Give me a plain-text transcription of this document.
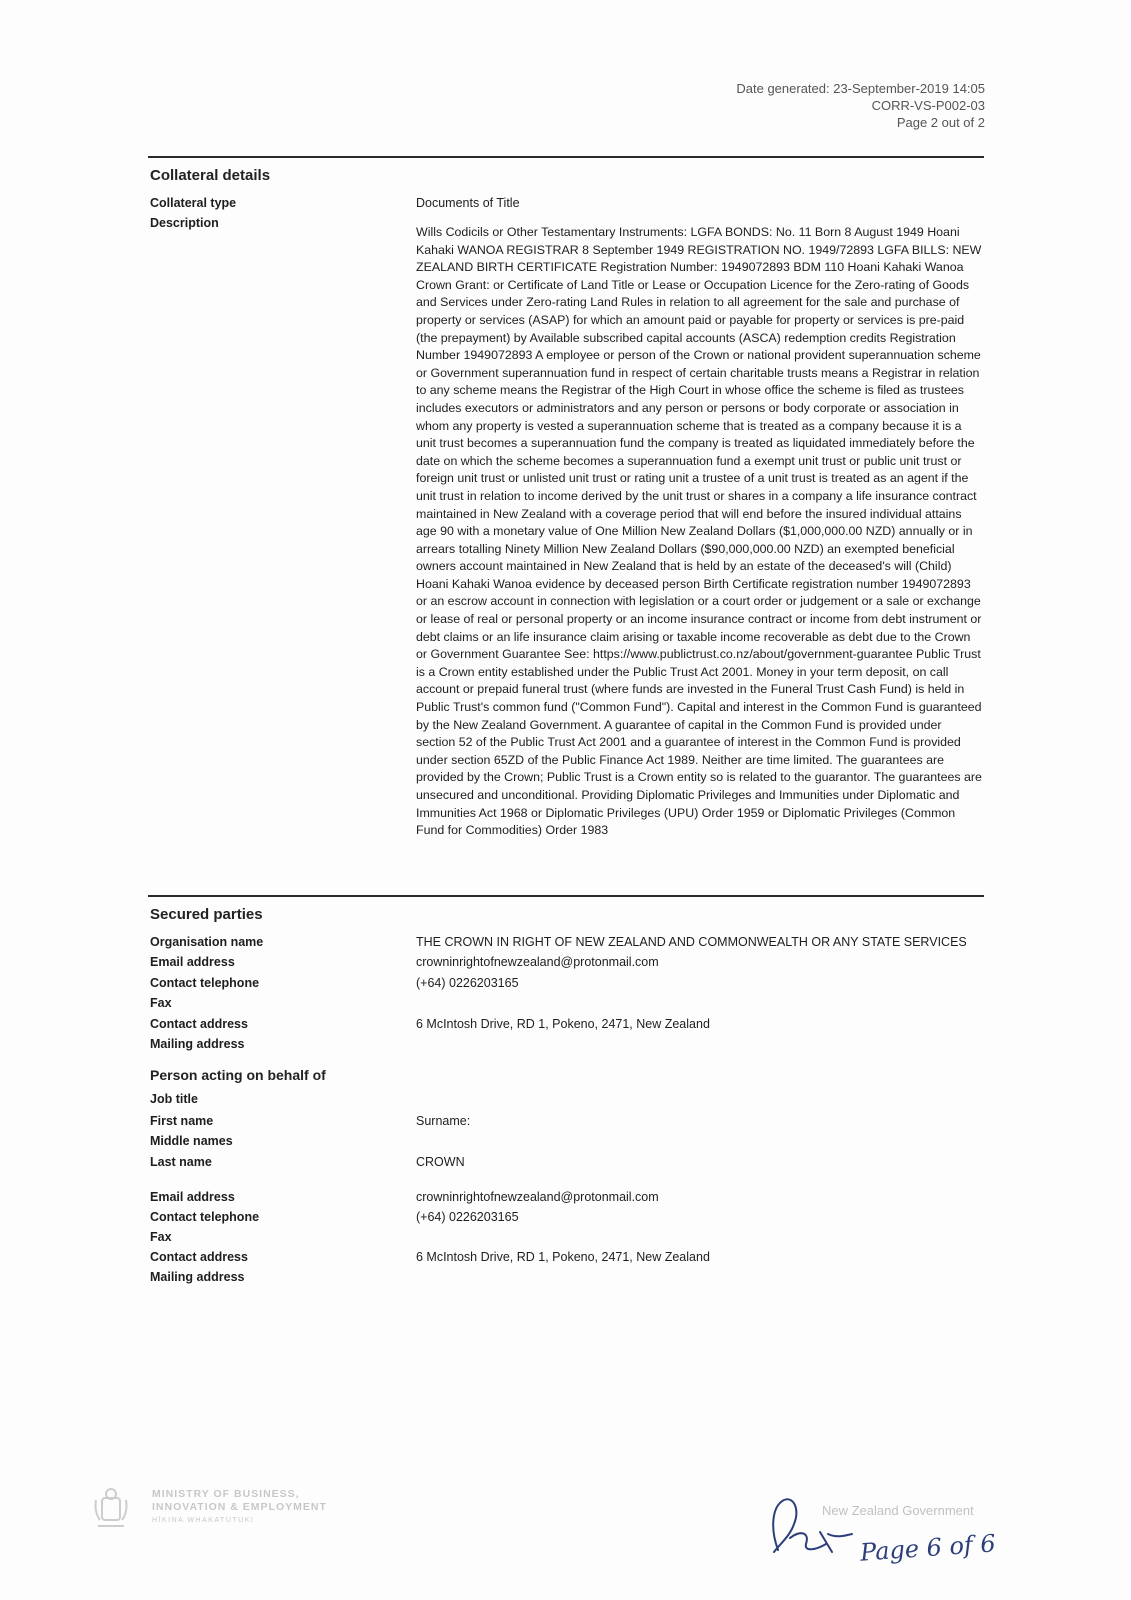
Date generated: 23-September-2019 14:05
CORR-VS-P002-03
Page 2 out of 2
Collateral details
Collateral type	Documents of Title
Description

Wills Codicils or Other Testamentary Instruments: LGFA BONDS: No. 11 Born 8 August 1949 Hoani Kahaki WANOA REGISTRAR 8 September 1949 REGISTRATION NO. 1949/72893 LGFA BILLS: NEW ZEALAND BIRTH CERTIFICATE Registration Number: 1949072893 BDM 110 Hoani Kahaki Wanoa Crown Grant: or Certificate of Land Title or Lease or Occupation Licence for the Zero-rating of Goods and Services under Zero-rating Land Rules in relation to all agreement for the sale and purchase of property or services (ASAP) for which an amount paid or payable for property or services is pre-paid (the prepayment) by Available subscribed capital accounts (ASCA) redemption credits Registration Number 1949072893 A employee or person of the Crown or national provident superannuation scheme or Government superannuation fund in respect of certain charitable trusts means a Registrar in relation to any scheme means the Registrar of the High Court in whose office the scheme is filed as trustees includes executors or administrators and any person or persons or body corporate or association in whom any property is vested a superannuation scheme that is treated as a company because it is a unit trust becomes a superannuation fund the company is treated as liquidated immediately before the date on which the scheme becomes a superannuation fund a exempt unit trust or public unit trust or foreign unit trust or unlisted unit trust or rating unit a trustee of a unit trust is treated as an agent if the unit trust in relation to income derived by the unit trust or shares in a company a life insurance contract maintained in New Zealand with a coverage period that will end before the insured individual attains age 90 with a monetary value of One Million New Zealand Dollars ($1,000,000.00 NZD) annually or in arrears totalling Ninety Million New Zealand Dollars ($90,000,000.00 NZD) an exempted beneficial owners account maintained in New Zealand that is held by an estate of the deceased's will (Child) Hoani Kahaki Wanoa evidence by deceased person Birth Certificate registration number 1949072893 or an escrow account in connection with legislation or a court order or judgement or a sale or exchange or lease of real or personal property or an income insurance contract or income from debt instrument or debt claims or an life insurance claim arising or taxable income recoverable as debt due to the Crown or Government Guarantee See: https://www.publictrust.co.nz/about/government-guarantee Public Trust is a Crown entity established under the Public Trust Act 2001. Money in your term deposit, on call account or prepaid funeral trust (where funds are invested in the Funeral Trust Cash Fund) is held in Public Trust's common fund ("Common Fund"). Capital and interest in the Common Fund is guaranteed by the New Zealand Government. A guarantee of capital in the Common Fund is provided under section 52 of the Public Trust Act 2001 and a guarantee of interest in the Common Fund is provided under section 65ZD of the Public Finance Act 1989. Neither are time limited. The guarantees are provided by the Crown; Public Trust is a Crown entity so is related to the guarantor. The guarantees are unsecured and unconditional. Providing Diplomatic Privileges and Immunities under Diplomatic and Immunities Act 1968 or Diplomatic Privileges (UPU) Order 1959 or Diplomatic Privileges (Common Fund for Commodities) Order 1983

Secured parties
Organisation name	THE CROWN IN RIGHT OF NEW ZEALAND AND COMMONWEALTH OR ANY STATE SERVICES
Email address	crowninrightofnewzealand@protonmail.com
Contact telephone	(+64) 0226203165
Fax
Contact address	6 McIntosh Drive, RD 1, Pokeno, 2471, New Zealand
Mailing address
Person acting on behalf of
Job title
First name	Surname:
Middle names
Last name	CROWN
Email address	crowninrightofnewzealand@protonmail.com
Contact telephone	(+64) 0226203165
Fax
Contact address	6 McIntosh Drive, RD 1, Pokeno, 2471, New Zealand
Mailing address
MINISTRY OF BUSINESS,
INNOVATION & EMPLOYMENT
HĪKINA WHAKATUTUKI
New Zealand Government
Page 6 of 6
